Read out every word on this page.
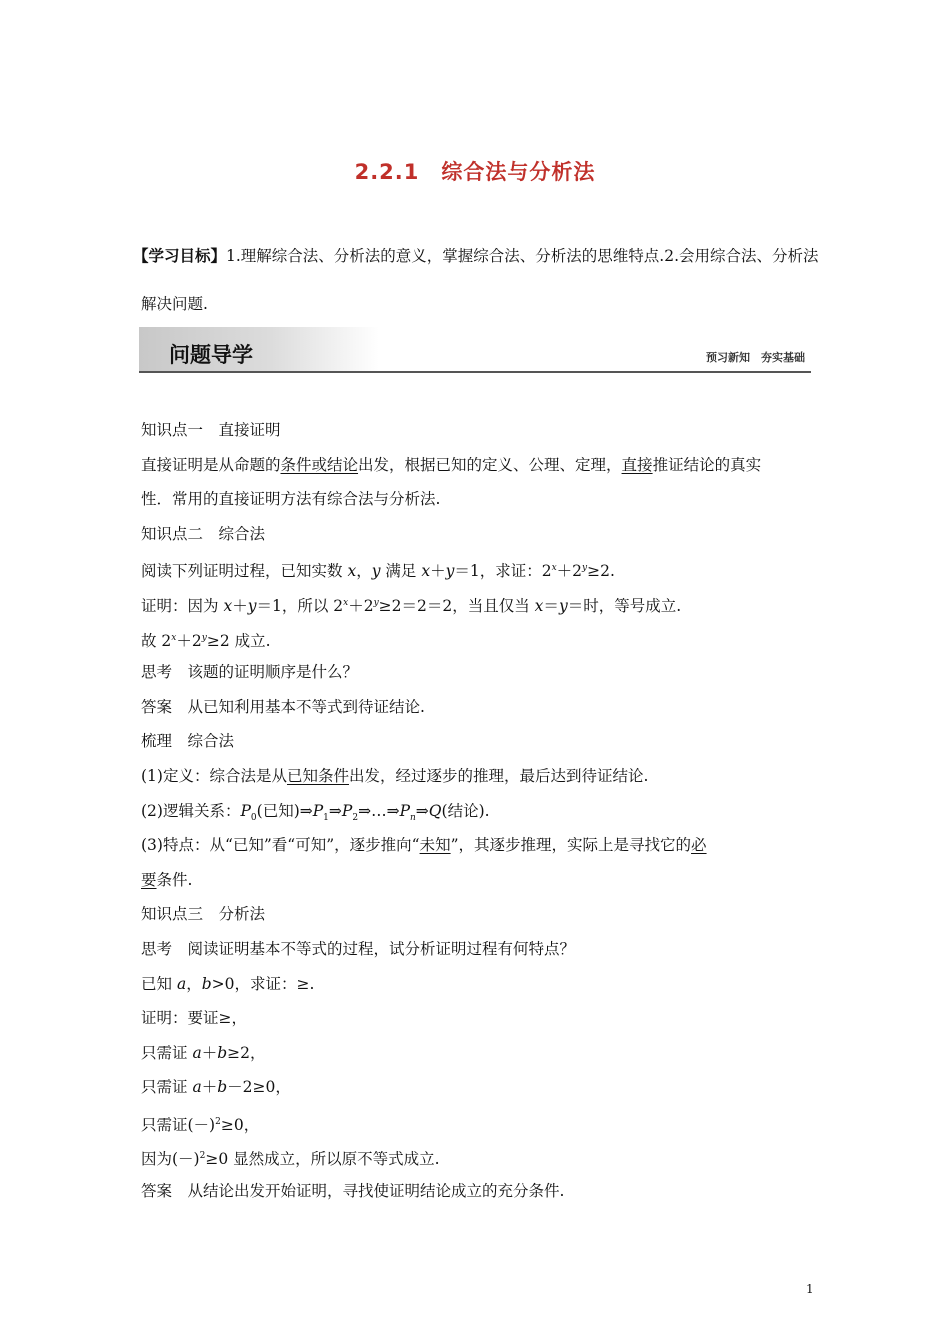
2.2.1　综合法与分析法
【学习目标】1.理解综合法、分析法的意义，掌握综合法、分析法的思维特点.2.会用综合法、分析法解决问题.
问题导学	预习新知　夯实基础
知识点一　直接证明
直接证明是从命题的条件或结论出发，根据已知的定义、公理、定理，直接推证结论的真实
性．常用的直接证明方法有综合法与分析法.
知识点二　综合法
阅读下列证明过程，已知实数 x，y 满足 x＋y＝1，求证：$2^x+2^y\ge 2$.
证明：因为 x＋y＝1，所以 $2^x+2^y\ge 2=2=2$，当且仅当 x＝y＝时，等号成立.
故 $2^x+2^y\ge 2$ 成立.
思考　该题的证明顺序是什么？
答案　从已知利用基本不等式到待证结论.
梳理　综合法
(1)定义：综合法是从已知条件出发，经过逐步的推理，最后达到待证结论.
(2)逻辑关系：$P_0$(已知)$\Rightarrow P_1\Rightarrow P_2\Rightarrow\dots\Rightarrow P_n\Rightarrow Q$(结论).
(3)特点：从“已知”看“可知”，逐步推向“未知”，其逐步推理，实际上是寻找它的必
要条件.
知识点三　分析法
思考　阅读证明基本不等式的过程，试分析证明过程有何特点？
已知 a，b>0，求证：≥.
证明：要证≥，
只需证 a＋b≥2，
只需证 a＋b－2≥0，
只需证$(-)^2\ge 0$，
因为$(-)^2\ge 0$ 显然成立，所以原不等式成立.
答案　从结论出发开始证明，寻找使证明结论成立的充分条件.
1
